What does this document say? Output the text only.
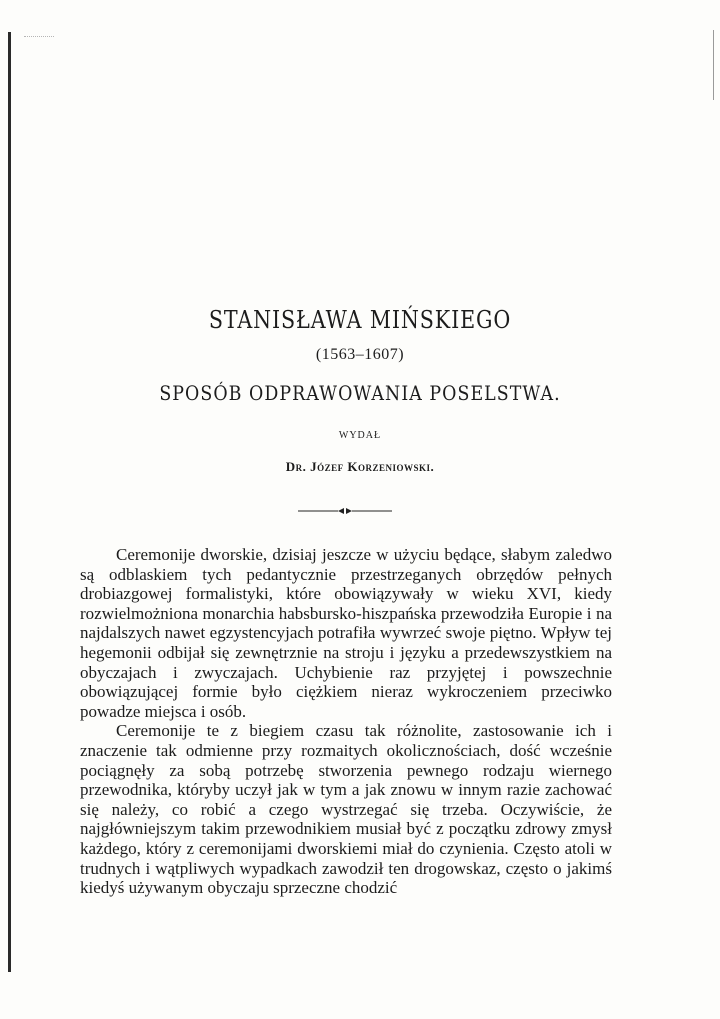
STANISŁAWA MIŃSKIEGO
(1563–1607)
SPOSÓB ODPRAWOWANIA POSELSTWA.
WYDAŁ
Dr. Józef Korzeniowski.

Ceremonije dworskie, dzisiaj jeszcze w użyciu będące, słabym zaledwo są odblaskiem tych pedantycznie przestrzeganych obrzędów pełnych drobiazgowej formalistyki, które obowiązywały w wieku XVI, kiedy rozwielmożniona monarchia habsbursko-hiszpańska przewodziła Europie i na najdalszych nawet egzystencyjach potrafiła wywrzeć swoje piętno. Wpływ tej hegemonii odbijał się zewnętrznie na stroju i języku a przedewszystkiem na obyczajach i zwyczajach. Uchybienie raz przyjętej i powszechnie obowiązującej formie było ciężkiem nieraz wykroczeniem przeciwko powadze miejsca i osób.

Ceremonije te z biegiem czasu tak różnolite, zastosowanie ich i znaczenie tak odmienne przy rozmaitych okolicznościach, dość wcześnie pociągnęły za sobą potrzebę stworzenia pewnego rodzaju wiernego przewodnika, któryby uczył jak w tym a jak znowu w innym razie zachować się należy, co robić a czego wystrzegać się trzeba. Oczywiście, że najgłówniejszym takim przewodnikiem musiał być z początku zdrowy zmysł każdego, który z ceremonijami dworskiemi miał do czynienia. Często atoli w trudnych i wątpliwych wypadkach zawodził ten drogowskaz, często o jakimś kiedyś używanym obyczaju sprzeczne chodzić
